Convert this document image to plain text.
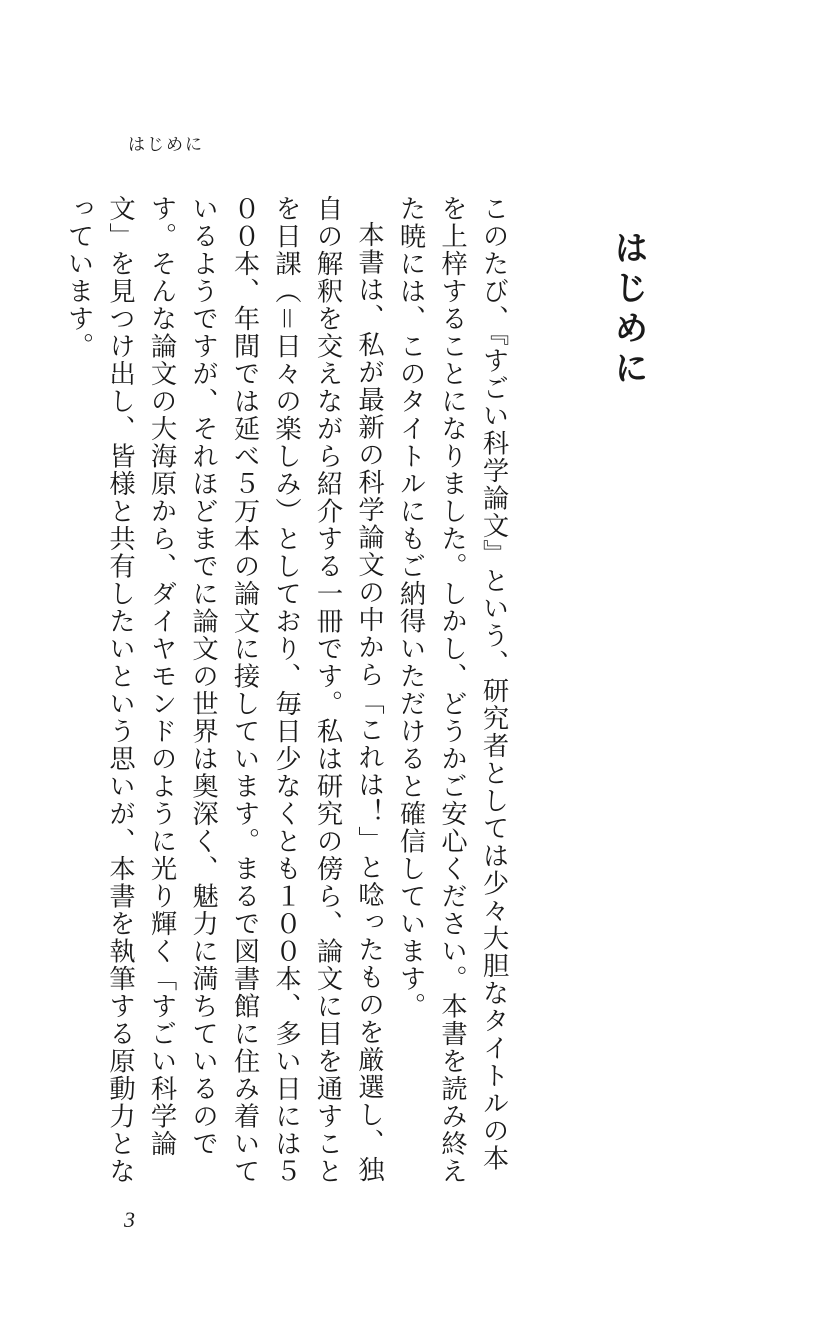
はじめに
はじめに

このたび、『すごい科学論文』という、研究者としては少々大胆なタイトルの本を上梓することになりました。しかし、どうかご安心ください。本書を読み終えた暁には、このタイトルにもご納得いただけると確信しています。

本書は、私が最新の科学論文の中から「これは！」と唸ったものを厳選し、独自の解釈を交えながら紹介する一冊です。私は研究の傍ら、論文に目を通すことを日課（＝日々の楽しみ）としており、毎日少なくとも１００本、多い日には５００本、年間では延べ５万本の論文に接しています。まるで図書館に住み着いているようですが、それほどまでに論文の世界は奥深く、魅力に満ちているのです。そんな論文の大海原から、ダイヤモンドのように光り輝く「すごい科学論文」を見つけ出し、皆様と共有したいという思いが、本書を執筆する原動力となっています。

3
